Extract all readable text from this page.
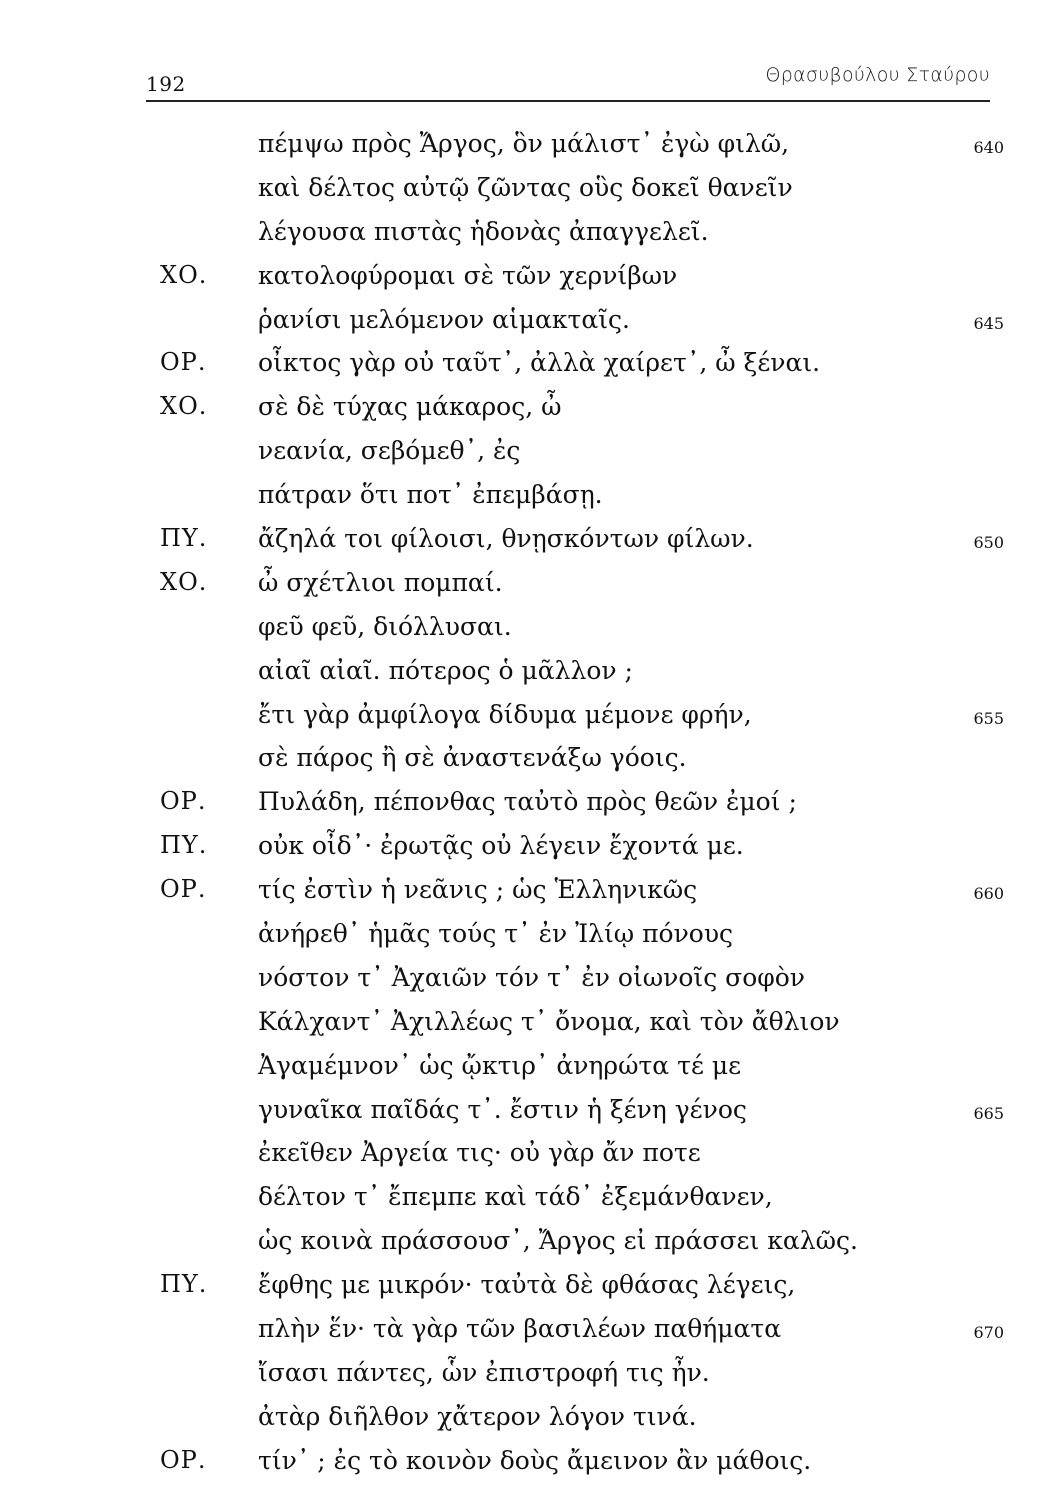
192	Θρασυβούλου Σταύρου
πέμψω πρὸς Ἄργος, ὃν μάλιστ᾽ ἐγὼ φιλῶ,	640
καὶ δέλτος αὐτῷ ζῶντας οὓς δοκεῖ θανεῖν
λέγουσα πιστὰς ἡδονὰς ἀπαγγελεῖ.
ΧΟ. κατολοφύρομαι σὲ τῶν χερνίβων
ῥανίσι μελόμενον αἱμακταῖς.	645
ΟΡ. οἶκτος γὰρ οὐ ταῦτ᾽, ἀλλὰ χαίρετ᾽, ὦ ξέναι.
ΧΟ. σὲ δὲ τύχας μάκαρος, ὦ
νεανία, σεβόμεθ᾽, ἐς
πάτραν ὅτι ποτ᾽ ἐπεμβάσῃ.
ΠΥ. ἄζηλά τοι φίλοισι, θνῃσκόντων φίλων.	650
ΧΟ. ὦ σχέτλιοι πομπαί.
φεῦ φεῦ, διόλλυσαι.
αἰαῖ αἰαῖ. πότερος ὁ μᾶλλον ;
ἔτι γὰρ ἀμφίλογα δίδυμα μέμονε φρήν,	655
σὲ πάρος ἢ σὲ ἀναστενάξω γόοις.
ΟΡ. Πυλάδη, πέπονθας ταὐτὸ πρὸς θεῶν ἐμοί ;
ΠΥ. οὐκ οἶδ᾽· ἐρωτᾷς οὐ λέγειν ἔχοντά με.
ΟΡ. τίς ἐστὶν ἡ νεᾶνις ; ὡς Ἑλληνικῶς	660
ἀνήρεθ᾽ ἡμᾶς τούς τ᾽ ἐν Ἰλίῳ πόνους
νόστον τ᾽ Ἀχαιῶν τόν τ᾽ ἐν οἰωνοῖς σοφὸν
Κάλχαντ᾽ Ἀχιλλέως τ᾽ ὄνομα, καὶ τὸν ἄθλιον
Ἀγαμέμνον᾽ ὡς ᾤκτιρ᾽ ἀνηρώτα τέ με
γυναῖκα παῖδάς τ᾽. ἔστιν ἡ ξένη γένος	665
ἐκεῖθεν Ἀργεία τις· οὐ γὰρ ἄν ποτε
δέλτον τ᾽ ἔπεμπε καὶ τάδ᾽ ἐξεμάνθανεν,
ὡς κοινὰ πράσσουσ᾽, Ἄργος εἰ πράσσει καλῶς.
ΠΥ. ἔφθης με μικρόν· ταὐτὰ δὲ φθάσας λέγεις,
πλὴν ἕν· τὰ γὰρ τῶν βασιλέων παθήματα	670
ἴσασι πάντες, ὧν ἐπιστροφή τις ἦν.
ἀτὰρ διῆλθον χἄτερον λόγον τινά.
ΟΡ. τίν᾽ ; ἐς τὸ κοινὸν δοὺς ἄμεινον ἂν μάθοις.
